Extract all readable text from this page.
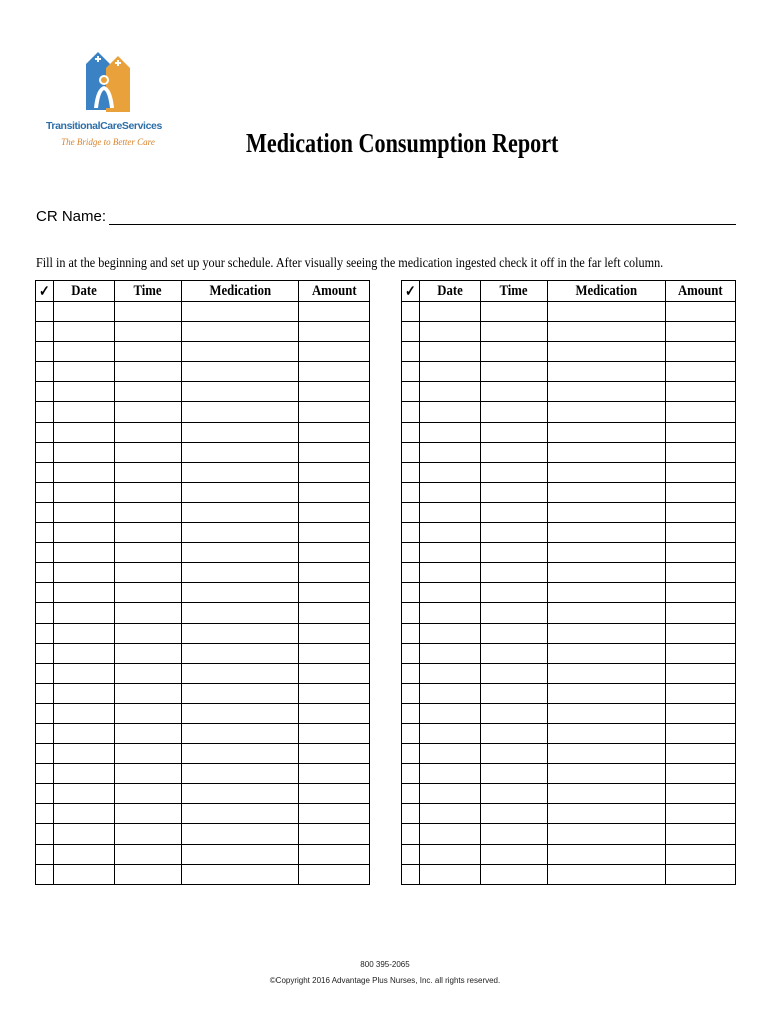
TransitionalCareServices
The Bridge to Better Care	Medication Consumption Report
CR Name:
Fill in at the beginning and set up your schedule. After visually seeing the medication ingested check it off in the far left column.
✓	Date	Time	Medication	Amount

					✓	Date	Time	Medication	Amount

800 395-2065
©Copyright 2016 Advantage Plus Nurses, Inc. all rights reserved.
